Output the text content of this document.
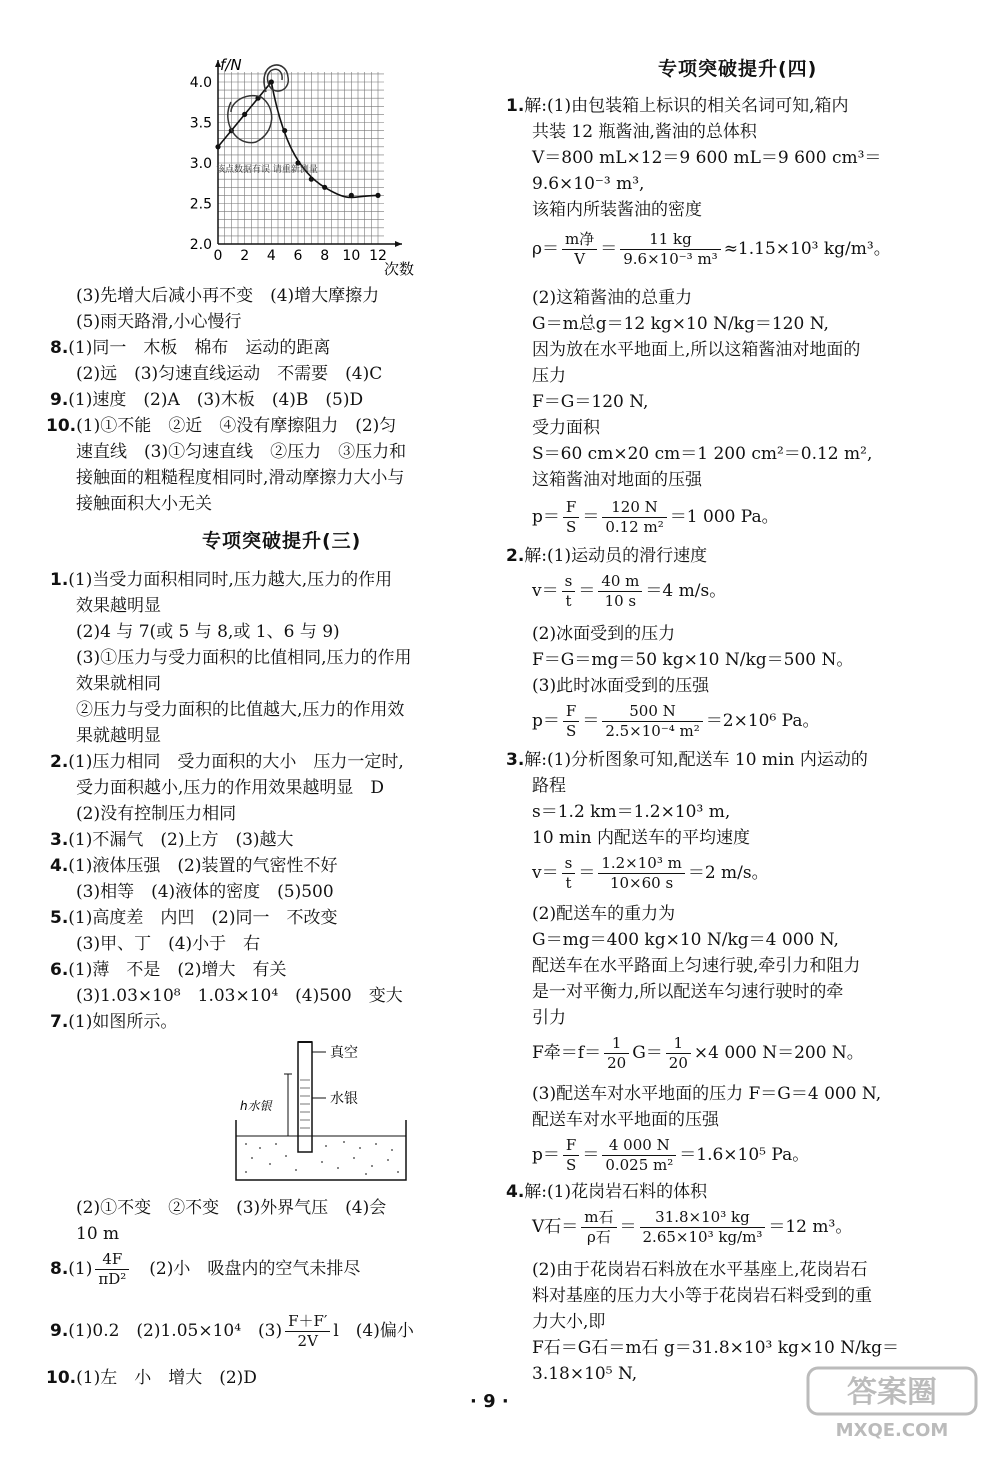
f/N
次数
4.0
3.5
3.0
2.5
2.0
0 2 4 6 8 10 12
该点数据有误 请重新测量
(3)先增大后减小再不变　(4)增大摩擦力
(5)雨天路滑,小心慢行
8.(1)同一　木板　棉布　运动的距离
(2)远　(3)匀速直线运动　不需要　(4)C
9.(1)速度　(2)A　(3)木板　(4)B　(5)D
10.(1)①不能　②近　④没有摩擦阻力　(2)匀
速直线　(3)①匀速直线　②压力　③压力和
接触面的粗糙程度相同时,滑动摩擦力大小与
接触面积大小无关
专项突破提升(三)
1.(1)当受力面积相同时,压力越大,压力的作用
效果越明显
(2)4 与 7(或 5 与 8,或 1、6 与 9)
(3)①压力与受力面积的比值相同,压力的作用
效果就相同
②压力与受力面积的比值越大,压力的作用效
果就越明显
2.(1)压力相同　受力面积的大小　压力一定时,
受力面积越小,压力的作用效果越明显　D
(2)没有控制压力相同
3.(1)不漏气　(2)上方　(3)越大
4.(1)液体压强　(2)装置的气密性不好
(3)相等　(4)液体的密度　(5)500
5.(1)高度差　内凹　(2)同一　不改变
(3)甲、丁　(4)小于　右
6.(1)薄　不是　(2)增大　有关
(3)1.03×10⁸　1.03×10⁴　(4)500　变大
7.(1)如图所示。
h水银
真空
水银
(2)①不变　②不变　(3)外界气压　(4)会
10 m
$8.(1) \frac{4F}{\text{πD²}}$
　 (2)小　吸盘内的空气未排尽
9.(1)0.2　(2)1.05×10⁴　$(3) \frac{F+F'}{2V}$ l　(4)偏小
10.(1)左　小　增大　(2)D
专项突破提升(四)
1.解:(1)由包装箱上标识的相关名词可知,箱内
共装 12 瓶酱油,酱油的总体积
V＝800 mL×12＝9 600 mL＝9 600 cm³＝
9.6×10⁻³ m³,
该箱内所装酱油的密度
$\rho= \frac{\text{m净}}{V} = \frac{11 kg}{\text{9.6×10⁻³ m³}} \approx 1.15\times 10^3$ kg/m³。
(2)这箱酱油的总重力
G＝m总g＝12 kg×10 N/kg＝120 N,
因为放在水平地面上,所以这箱酱油对地面的
压力
F＝G＝120 N,
受力面积
S＝60 cm×20 cm＝1 200 cm²＝0.12 m²,
这箱酱油对地面的压强
$p= \frac{F}{S} = \frac{120 N}{\text{0.12 m²}} =1$ 000 Pa。
2.解:(1)运动员的滑行速度
$v= \frac{s}{t} = \frac{40 m}{10 s} =4$ m/s。
(2)冰面受到的压力
F＝G＝mg＝50 kg×10 N/kg＝500 N。
(3)此时冰面受到的压强
$p= \frac{F}{S} = \frac{500 N}{\text{2.5×10⁻⁴ m²}} =2\times 10^6$ Pa。
3.解:(1)分析图象可知,配送车 10 min 内运动的
路程
s＝1.2 km＝1.2×10³ m,
10 min 内配送车的平均速度
$v= \frac{s}{t} = \frac{\text{1.2×10³ m}}{10\times 60 s} =2$ m/s。
(2)配送车的重力为
G＝mg＝400 kg×10 N/kg＝4 000 N,
配送车在水平路面上匀速行驶,牵引力和阻力
是一对平衡力,所以配送车匀速行驶时的牵
引力
F牵$=f= \frac{1}{20} G= \frac{1}{20} \times 4$ 000 N＝200 N。
(3)配送车对水平地面的压力 F＝G＝4 000 N,
配送车对水平地面的压强
$p= \frac{F}{S} = \frac{4 000 N}{\text{0.025 m²}} =1.6\times 10^5$ Pa。
4.解:(1)花岗岩石料的体积
V石＝ $\frac{\text{m石}}{\text{ρ石}} = \frac{\text{31.8×10³ kg}}{\text{2.65×10³ kg/m³}} =12$ m³。
(2)由于花岗岩石料放在水平基座上,花岗岩石
料对基座的压力大小等于花岗岩石料受到的重
力大小,即
F石＝G石＝m石 g＝31.8×10³ kg×10 N/kg＝
3.18×10⁵ N,
· 9 ·	答案圈
MXQE.COM
